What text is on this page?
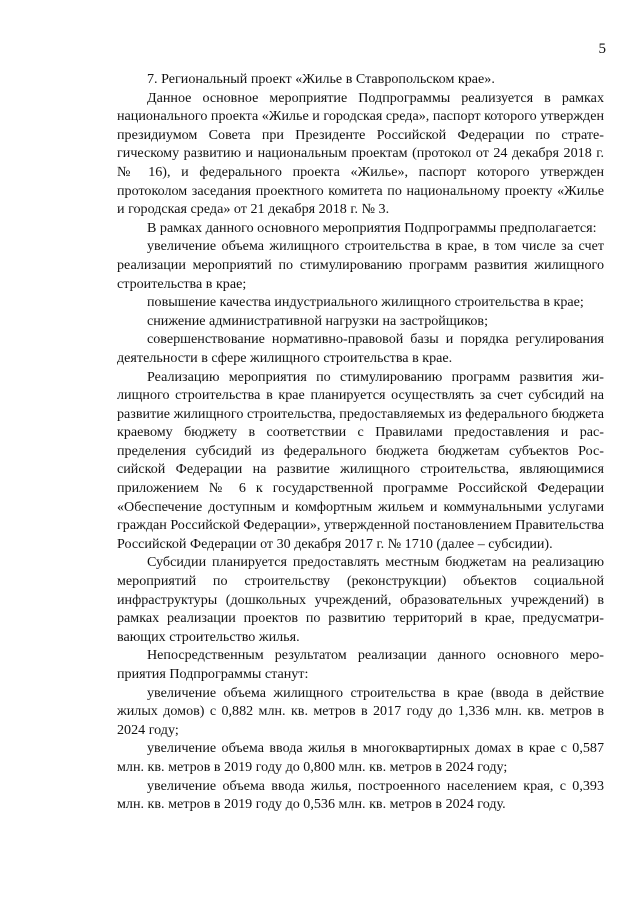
5

7. Региональный проект «Жилье в Ставропольском крае».

Данное основное мероприятие Подпрограммы реализуется в рамках национального проекта «Жилье и городская среда», паспорт которого утвержден президиумом Совета при Президенте Российской Федерации по стратегическому развитию и национальным проектам (протокол от 24 декабря 2018 г. № 16), и федерального проекта «Жилье», паспорт которого утвержден протоколом заседания проектного комитета по национальному проекту «Жилье и городская среда» от 21 декабря 2018 г. № 3.

В рамках данного основного мероприятия Подпрограммы предполагается:

увеличение объема жилищного строительства в крае, в том числе за счет реализации мероприятий по стимулированию программ развития жилищного строительства в крае;

повышение качества индустриального жилищного строительства в крае;

снижение административной нагрузки на застройщиков;

совершенствование нормативно-правовой базы и порядка регулирования деятельности в сфере жилищного строительства в крае.

Реализацию мероприятия по стимулированию программ развития жилищного строительства в крае планируется осуществлять за счет субсидий на развитие жилищного строительства, предоставляемых из федерального бюджета краевому бюджету в соответствии с Правилами предоставления и распределения субсидий из федерального бюджета бюджетам субъектов Российской Федерации на развитие жилищного строительства, являющимися приложением № 6 к государственной программе Российской Федерации «Обеспечение доступным и комфортным жильем и коммунальными услугами граждан Российской Федерации», утвержденной постановлением Правительства Российской Федерации от 30 декабря 2017 г. № 1710 (далее – субсидии).

Субсидии планируется предоставлять местным бюджетам на реализацию мероприятий по строительству (реконструкции) объектов социальной инфраструктуры (дошкольных учреждений, образовательных учреждений) в рамках реализации проектов по развитию территорий в крае, предусматривающих строительство жилья.

Непосредственным результатом реализации данного основного мероприятия Подпрограммы станут:

увеличение объема жилищного строительства в крае (ввода в действие жилых домов) с 0,882 млн. кв. метров в 2017 году до 1,336 млн. кв. метров в 2024 году;

увеличение объема ввода жилья в многоквартирных домах в крае с 0,587 млн. кв. метров в 2019 году до 0,800 млн. кв. метров в 2024 году;

увеличение объема ввода жилья, построенного населением края, с 0,393 млн. кв. метров в 2019 году до 0,536 млн. кв. метров в 2024 году.
